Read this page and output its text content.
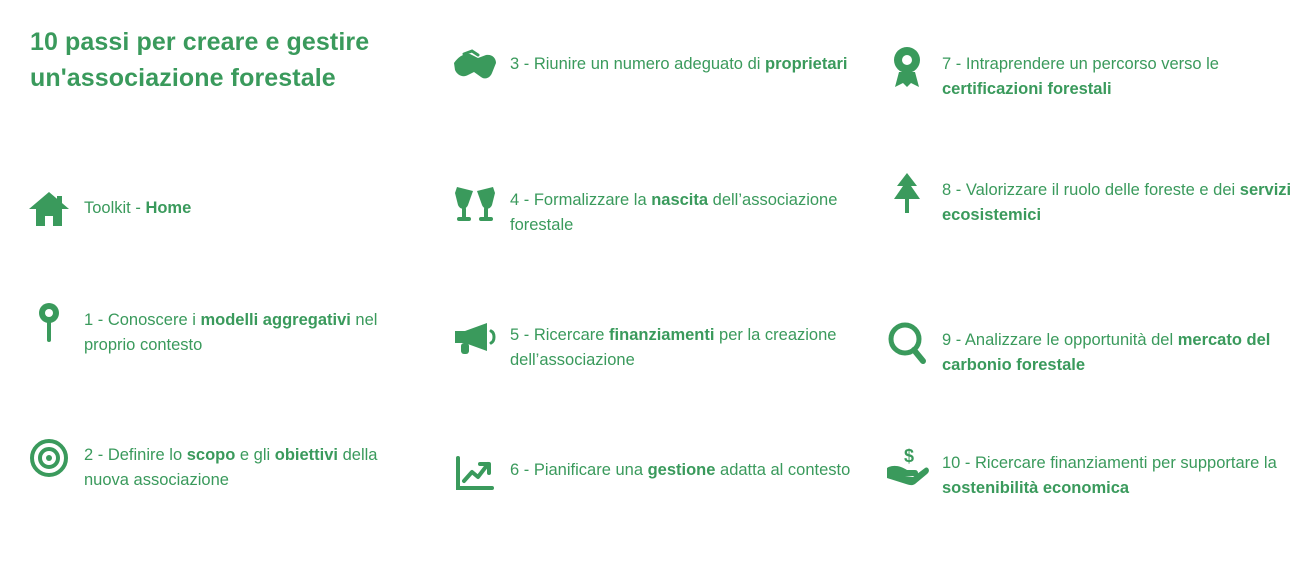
10 passi per creare e gestire un'associazione forestale
Toolkit - Home
1 - Conoscere i modelli aggregativi nel proprio contesto
2 - Definire lo scopo e gli obiettivi della nuova associazione
3 - Riunire un numero adeguato di proprietari
4 - Formalizzare la nascita dell’associazione forestale
5 - Ricercare finanziamenti per la creazione dell’associazione
6 - Pianificare una gestione adatta al contesto
7 - Intraprendere un percorso verso le certificazioni forestali
8 - Valorizzare il ruolo delle foreste e dei servizi ecosistemici
9 - Analizzare le opportunità del mercato del carbonio forestale
$ 10 - Ricercare finanziamenti per supportare la sostenibilità economica
